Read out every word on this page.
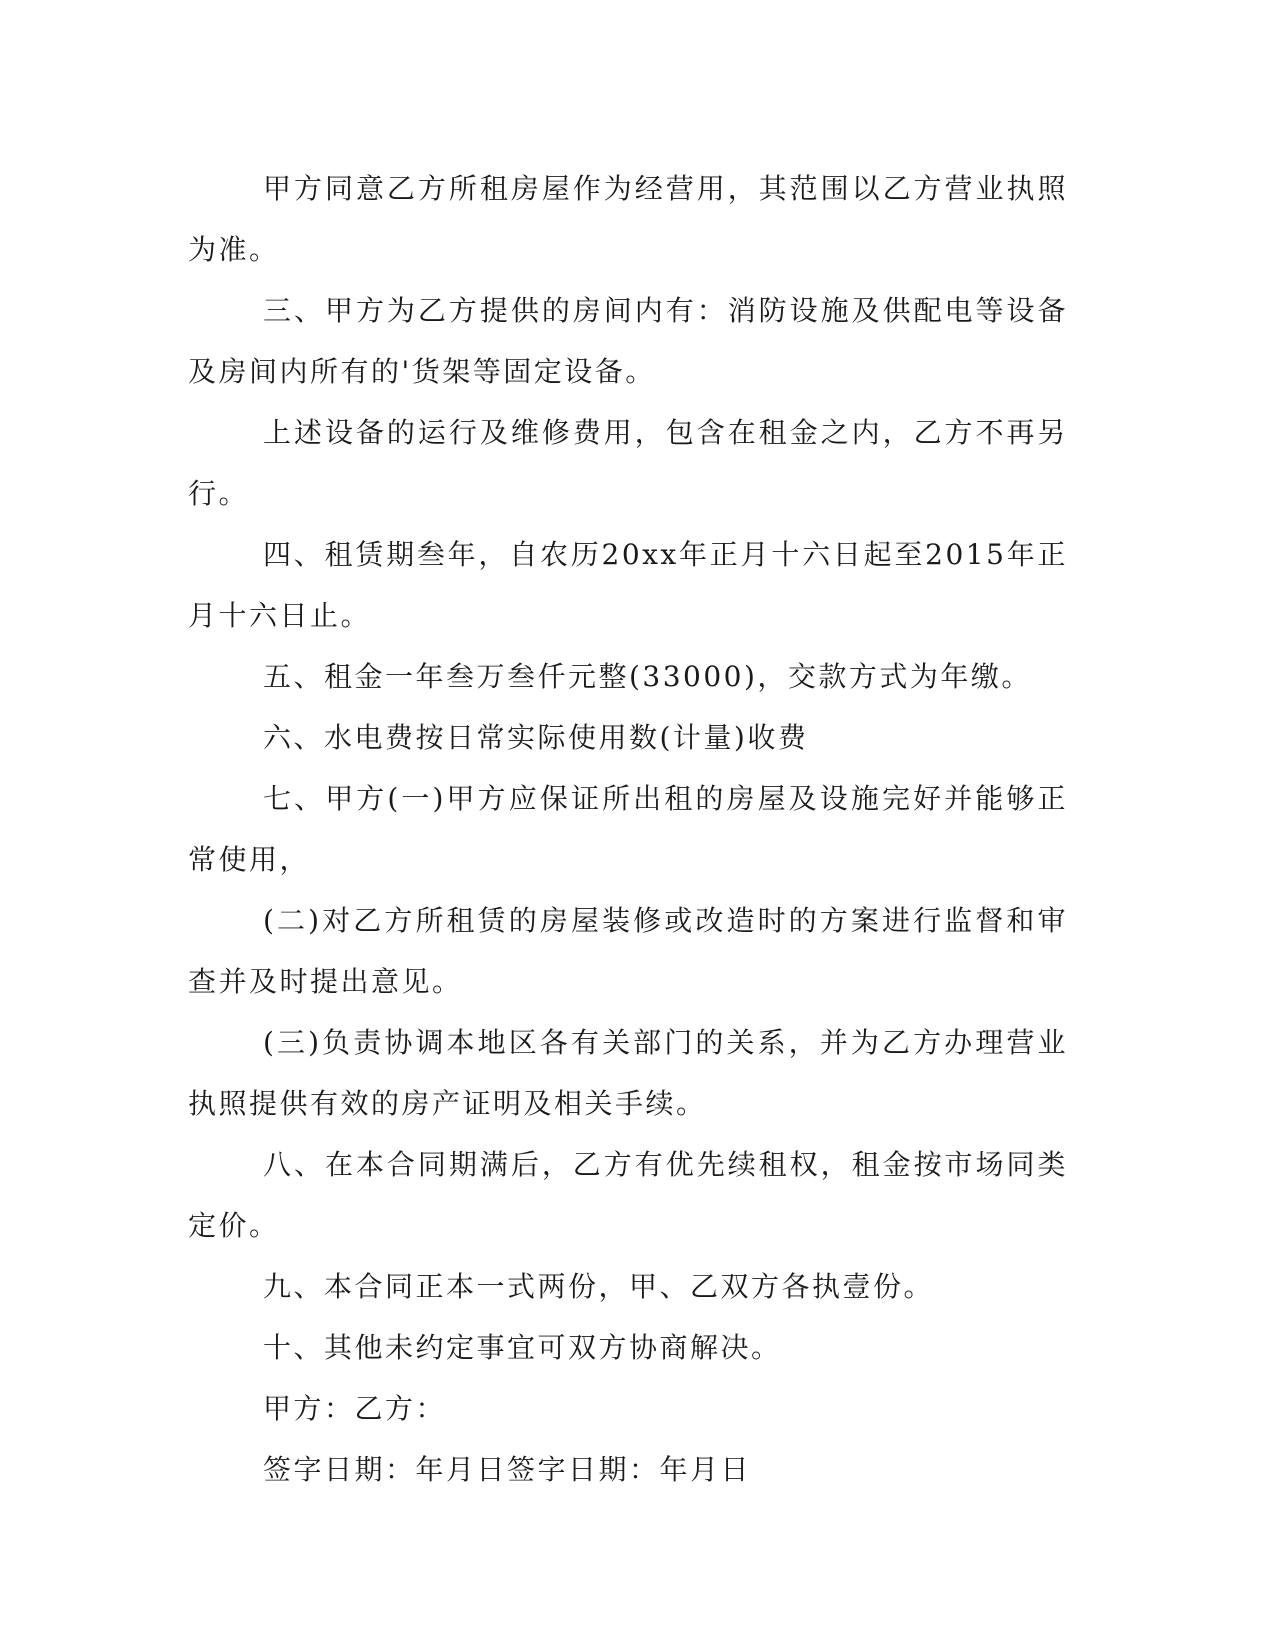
甲方同意乙方所租房屋作为经营用，其范围以乙方营业执照为准。

三、甲方为乙方提供的房间内有：消防设施及供配电等设备及房间内所有的'货架等固定设备。

上述设备的运行及维修费用，包含在租金之内，乙方不再另行。

四、租赁期叁年，自农历20xx年正月十六日起至2015年正月十六日止。

五、租金一年叁万叁仟元整(33000)，交款方式为年缴。

六、水电费按日常实际使用数(计量)收费

七、甲方(一)甲方应保证所出租的房屋及设施完好并能够正常使用，

(二)对乙方所租赁的房屋装修或改造时的方案进行监督和审查并及时提出意见。

(三)负责协调本地区各有关部门的关系，并为乙方办理营业执照提供有效的房产证明及相关手续。

八、在本合同期满后，乙方有优先续租权，租金按市场同类定价。

九、本合同正本一式两份，甲、乙双方各执壹份。

十、其他未约定事宜可双方协商解决。

甲方：乙方：

签字日期：年月日签字日期：年月日
